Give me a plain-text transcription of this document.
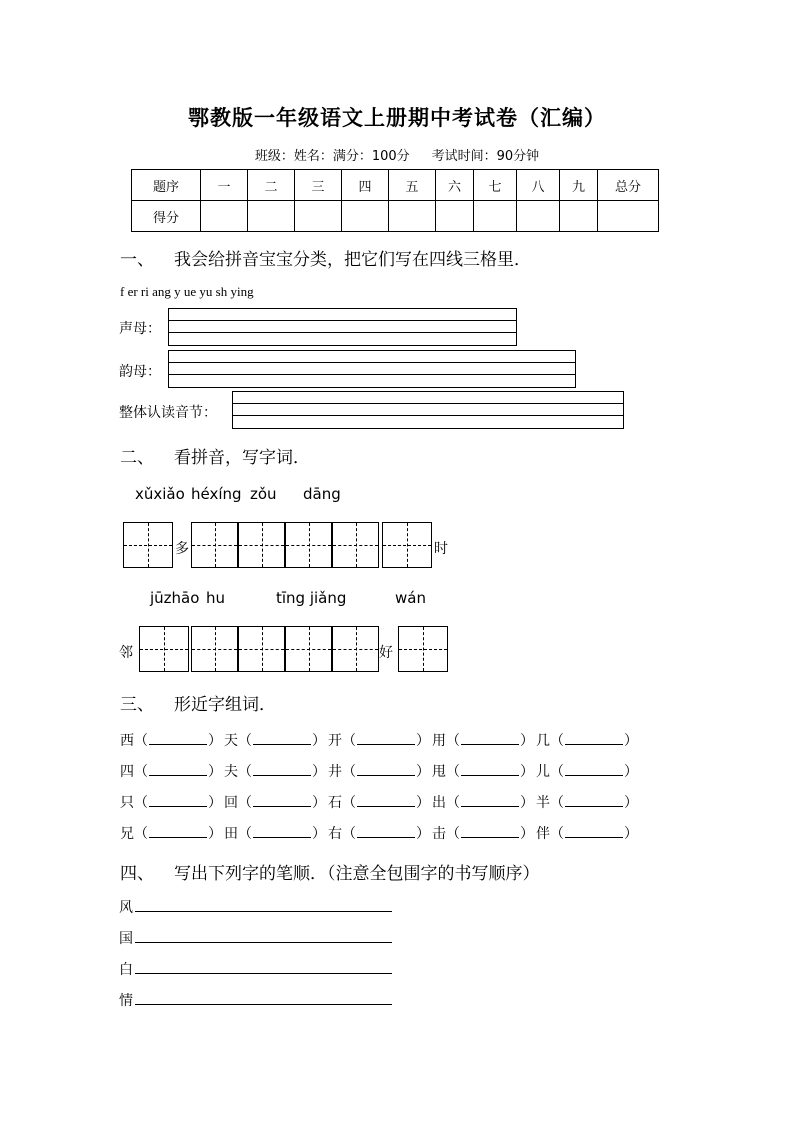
鄂教版一年级语文上册期中考试卷（汇编）
班级：姓名：满分：100分 考试时间：90分钟
题序	一	二	三	四	五	六	七	八	九	总分
得分										
一、 我会给拼音宝宝分类，把它们写在四线三格里．
f er ri ang y ue yu sh ying
声母：
韵母：
整体认读音节：
二、 看拼音，写字词．
xǔxiǎo héxíng zǒu dāng
多	时
jūzhāo hu	tīng jiǎng	wán
邻	好
三、 形近字组词．
西（	） 天（	） 开（	） 用（	） 几（	）
四（	） 夫（	） 井（	） 甩（	） 儿（	）
只（	） 回（	） 石（	） 出（	） 半（	）
兄（	） 田（	） 右（	） 击（	） 伴（	）
四、 写出下列字的笔顺．（注意全包围字的书写顺序）
风
国
白
情
